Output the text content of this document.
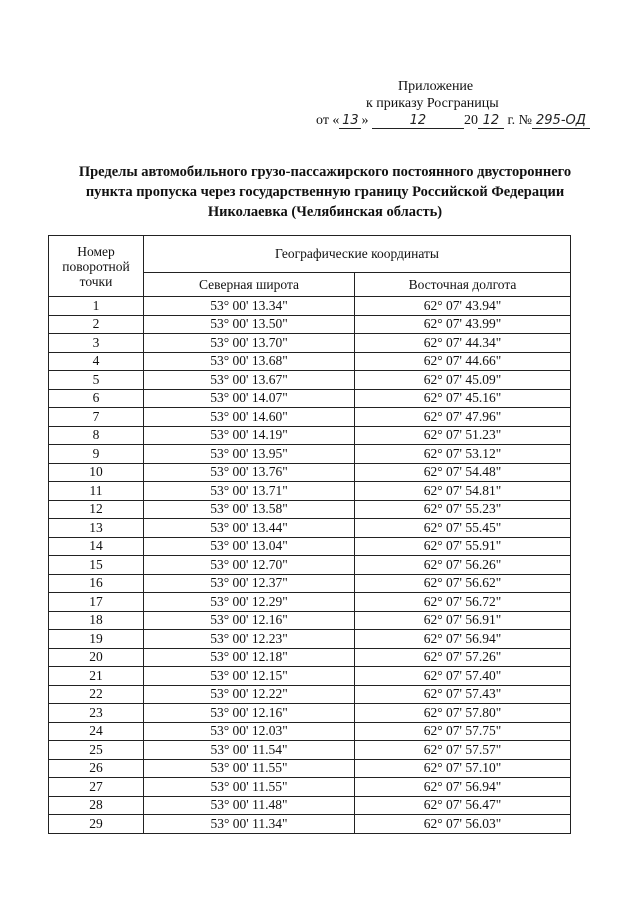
Приложение
к приказу Росграницы
от « 13 »	12	20 12 г. № 295-ОД
Пределы автомобильного грузо-пассажирского постоянного двустороннего
пункта пропуска через государственную границу Российской Федерации
Николаевка (Челябинская область)
Номер поворотной точки	Географические координаты	
	Северная широта	Восточная долгота
1	53° 00' 13.34"	62° 07' 43.94"
2	53° 00' 13.50"	62° 07' 43.99"
3	53° 00' 13.70"	62° 07' 44.34"
4	53° 00' 13.68"	62° 07' 44.66"
5	53° 00' 13.67"	62° 07' 45.09"
6	53° 00' 14.07"	62° 07' 45.16"
7	53° 00' 14.60"	62° 07' 47.96"
8	53° 00' 14.19"	62° 07' 51.23"
9	53° 00' 13.95"	62° 07' 53.12"
10	53° 00' 13.76"	62° 07' 54.48"
11	53° 00' 13.71"	62° 07' 54.81"
12	53° 00' 13.58"	62° 07' 55.23"
13	53° 00' 13.44"	62° 07' 55.45"
14	53° 00' 13.04"	62° 07' 55.91"
15	53° 00' 12.70"	62° 07' 56.26"
16	53° 00' 12.37"	62° 07' 56.62"
17	53° 00' 12.29"	62° 07' 56.72"
18	53° 00' 12.16"	62° 07' 56.91"
19	53° 00' 12.23"	62° 07' 56.94"
20	53° 00' 12.18"	62° 07' 57.26"
21	53° 00' 12.15"	62° 07' 57.40"
22	53° 00' 12.22"	62° 07' 57.43"
23	53° 00' 12.16"	62° 07' 57.80"
24	53° 00' 12.03"	62° 07' 57.75"
25	53° 00' 11.54"	62° 07' 57.57"
26	53° 00' 11.55"	62° 07' 57.10"
27	53° 00' 11.55"	62° 07' 56.94"
28	53° 00' 11.48"	62° 07' 56.47"
29	53° 00' 11.34"	62° 07' 56.03"
